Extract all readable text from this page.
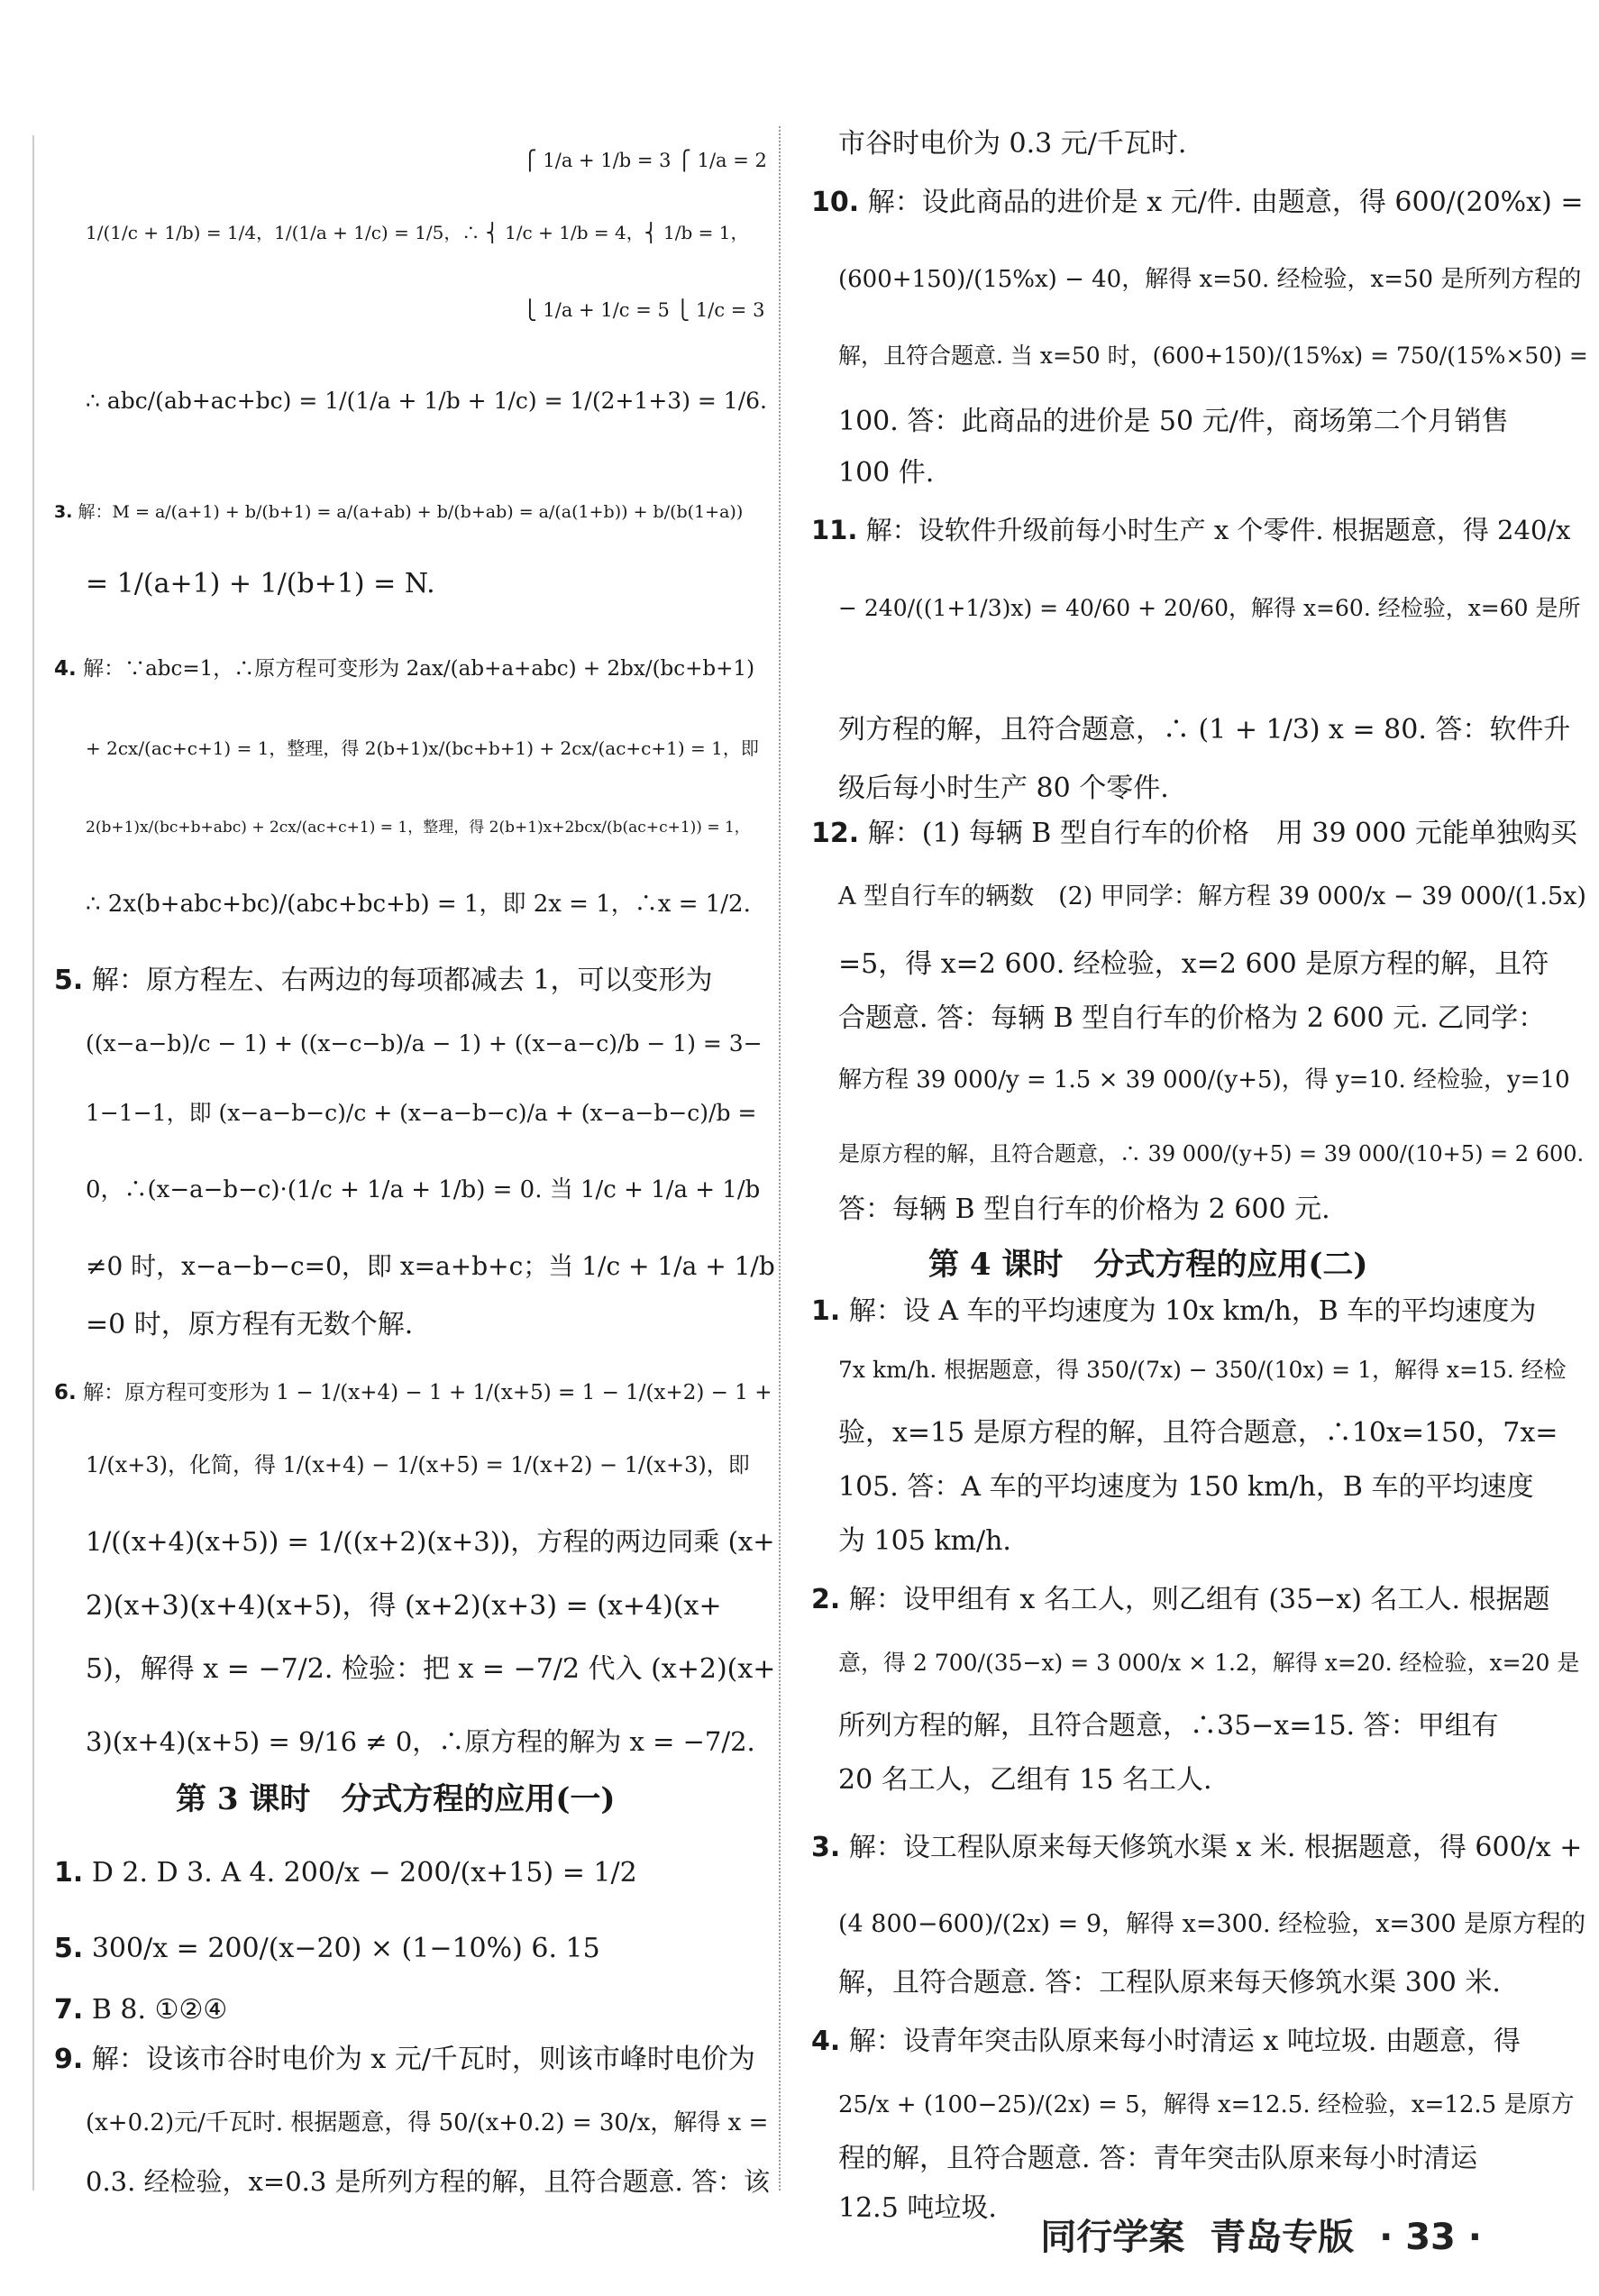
⎧ 1/a + 1/b = 3 ⎧ 1/a = 2
1/(1/c + 1/b) = 1/4，1/(1/a + 1/c) = 1/5，∴ ⎨ 1/c + 1/b = 4，⎨ 1/b = 1，
⎩ 1/a + 1/c = 5 ⎩ 1/c = 3
∴ abc/(ab+ac+bc) = 1/(1/a + 1/b + 1/c) = 1/(2+1+3) = 1/6.
3. 解：M = a/(a+1) + b/(b+1) = a/(a+ab) + b/(b+ab) = a/(a(1+b)) + b/(b(1+a))
= 1/(a+1) + 1/(b+1) = N.
4. 解：∵abc=1，∴原方程可变形为 2ax/(ab+a+abc) + 2bx/(bc+b+1)
+ 2cx/(ac+c+1) = 1，整理，得 2(b+1)x/(bc+b+1) + 2cx/(ac+c+1) = 1，即
2(b+1)x/(bc+b+abc) + 2cx/(ac+c+1) = 1，整理，得 2(b+1)x+2bcx/(b(ac+c+1)) = 1，
∴ 2x(b+abc+bc)/(abc+bc+b) = 1，即 2x = 1，∴x = 1/2.
5. 解：原方程左、右两边的每项都减去 1，可以变形为
((x−a−b)/c − 1) + ((x−c−b)/a − 1) + ((x−a−c)/b − 1) = 3−
1−1−1，即 (x−a−b−c)/c + (x−a−b−c)/a + (x−a−b−c)/b =
0，∴(x−a−b−c)·(1/c + 1/a + 1/b) = 0. 当 1/c + 1/a + 1/b
≠0 时，x−a−b−c=0，即 x=a+b+c；当 1/c + 1/a + 1/b
=0 时，原方程有无数个解.
6. 解：原方程可变形为 1 − 1/(x+4) − 1 + 1/(x+5) = 1 − 1/(x+2) − 1 +
1/(x+3)，化简，得 1/(x+4) − 1/(x+5) = 1/(x+2) − 1/(x+3)，即
1/((x+4)(x+5)) = 1/((x+2)(x+3))，方程的两边同乘 (x+
2)(x+3)(x+4)(x+5)，得 (x+2)(x+3) = (x+4)(x+
5)，解得 x = −7/2. 检验：把 x = −7/2 代入 (x+2)(x+
3)(x+4)(x+5) = 9/16 ≠ 0，∴原方程的解为 x = −7/2.
1. D 2. D 3. A 4. 200/x − 200/(x+15) = 1/2
5. 300/x = 200/(x−20) × (1−10%) 6. 15
7. B 8. ①②④
9. 解：设该市谷时电价为 x 元/千瓦时，则该市峰时电价为
(x+0.2)元/千瓦时. 根据题意，得 50/(x+0.2) = 30/x，解得 x =
0.3. 经检验，x=0.3 是所列方程的解，且符合题意. 答：该
第 3 课时　分式方程的应用(一)
市谷时电价为 0.3 元/千瓦时.
10. 解：设此商品的进价是 x 元/件. 由题意，得 600/(20%x) =
(600+150)/(15%x) − 40，解得 x=50. 经检验，x=50 是所列方程的
解，且符合题意. 当 x=50 时，(600+150)/(15%x) = 750/(15%×50) =
100. 答：此商品的进价是 50 元/件，商场第二个月销售
100 件.
11. 解：设软件升级前每小时生产 x 个零件. 根据题意，得 240/x
− 240/((1+1/3)x) = 40/60 + 20/60，解得 x=60. 经检验，x=60 是所
列方程的解，且符合题意，∴ (1 + 1/3) x = 80. 答：软件升
级后每小时生产 80 个零件.
12. 解：(1) 每辆 B 型自行车的价格　用 39 000 元能单独购买
A 型自行车的辆数　(2) 甲同学：解方程 39 000/x − 39 000/(1.5x)
=5，得 x=2 600. 经检验，x=2 600 是原方程的解，且符
合题意. 答：每辆 B 型自行车的价格为 2 600 元. 乙同学：
解方程 39 000/y = 1.5 × 39 000/(y+5)，得 y=10. 经检验，y=10
是原方程的解，且符合题意，∴ 39 000/(y+5) = 39 000/(10+5) = 2 600.
答：每辆 B 型自行车的价格为 2 600 元.
1. 解：设 A 车的平均速度为 10x km/h，B 车的平均速度为
7x km/h. 根据题意，得 350/(7x) − 350/(10x) = 1，解得 x=15. 经检
验，x=15 是原方程的解，且符合题意，∴10x=150，7x=
105. 答：A 车的平均速度为 150 km/h，B 车的平均速度
为 105 km/h.
2. 解：设甲组有 x 名工人，则乙组有 (35−x) 名工人. 根据题
意，得 2 700/(35−x) = 3 000/x × 1.2，解得 x=20. 经检验，x=20 是
所列方程的解，且符合题意，∴35−x=15. 答：甲组有
20 名工人，乙组有 15 名工人.
3. 解：设工程队原来每天修筑水渠 x 米. 根据题意，得 600/x +
(4 800−600)/(2x) = 9，解得 x=300. 经检验，x=300 是原方程的
解，且符合题意. 答：工程队原来每天修筑水渠 300 米.
4. 解：设青年突击队原来每小时清运 x 吨垃圾. 由题意，得
25/x + (100−25)/(2x) = 5，解得 x=12.5. 经检验，x=12.5 是原方
程的解，且符合题意. 答：青年突击队原来每小时清运
12.5 吨垃圾.
第 4 课时　分式方程的应用(二)
同行学案 青岛专版 · 33 ·
